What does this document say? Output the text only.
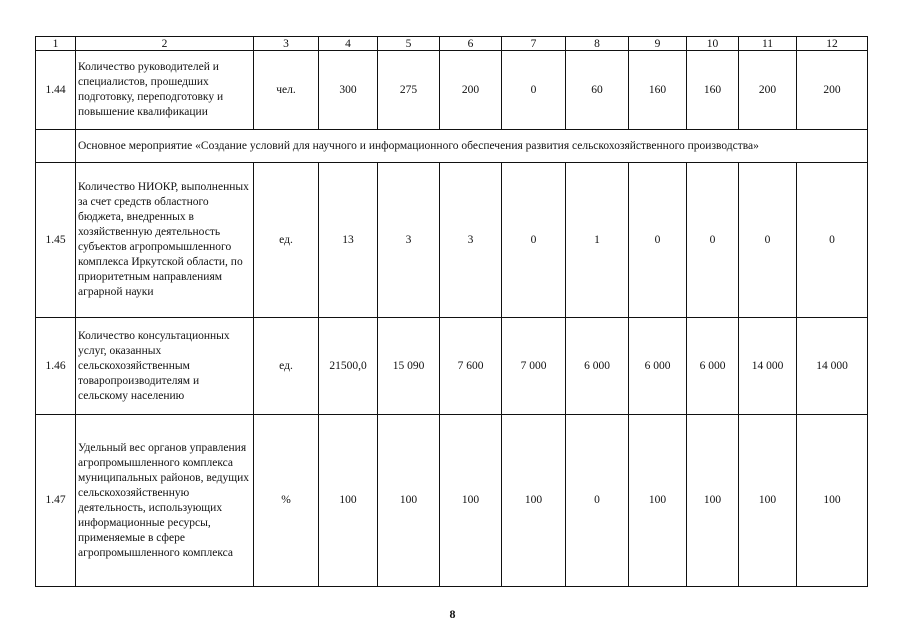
1	2	3	4	5	6	7	8	9	10	11	12
1.44	Количество руководителей и специалистов, прошедших подготовку, переподготовку и повышение квалификации	чел.	300	275	200	0	60	160	160	200	200
	Основное мероприятие «Создание условий для научного и информационного обеспечения развития сельскохозяйственного производства»										
1.45	Количество НИОКР, выполненных за счет средств областного бюджета, внедренных в хозяйственную деятельность субъектов агропромышленного комплекса Иркутской области, по приоритетным направлениям аграрной науки	ед.	13	3	3	0	1	0	0	0	0
1.46	Количество консультационных услуг, оказанных сельскохозяйственным товаропроизводителям и сельскому населению	ед.	21500,0	15 090	7 600	7 000	6 000	6 000	6 000	14 000	14 000
1.47	Удельный вес органов управления агропромышленного комплекса муниципальных районов, ведущих сельскохозяйственную деятельность, использующих информационные ресурсы, применяемые в сфере агропромышленного комплекса	%	100	100	100	100	0	100	100	100	100
8
